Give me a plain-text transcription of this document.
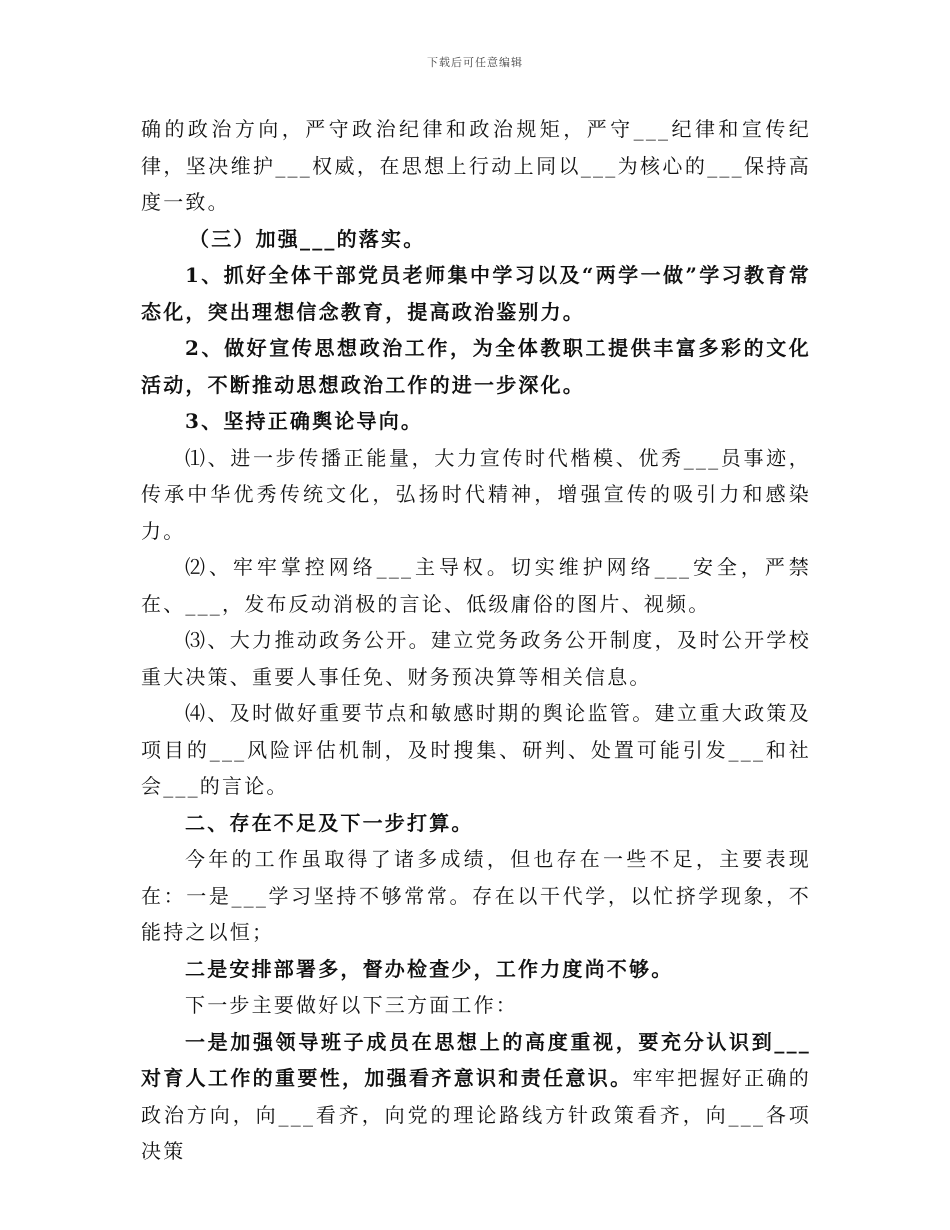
下载后可任意编辑

确的政治方向，严守政治纪律和政治规矩，严守___纪律和宣传纪律，坚决维护___权威，在思想上行动上同以___为核心的___保持高度一致。

（三）加强___的落实。

1、抓好全体干部党员老师集中学习以及“两学一做”学习教育常态化，突出理想信念教育，提高政治鉴别力。

2、做好宣传思想政治工作，为全体教职工提供丰富多彩的文化活动，不断推动思想政治工作的进一步深化。

3、坚持正确舆论导向。

⑴、进一步传播正能量，大力宣传时代楷模、优秀___员事迹，传承中华优秀传统文化，弘扬时代精神，增强宣传的吸引力和感染力。

⑵、牢牢掌控网络___主导权。切实维护网络___安全，严禁在、___，发布反动消极的言论、低级庸俗的图片、视频。

⑶、大力推动政务公开。建立党务政务公开制度，及时公开学校重大决策、重要人事任免、财务预决算等相关信息。

⑷、及时做好重要节点和敏感时期的舆论监管。建立重大政策及项目的___风险评估机制，及时搜集、研判、处置可能引发___和社会___的言论。

二、存在不足及下一步打算。

今年的工作虽取得了诸多成绩，但也存在一些不足，主要表现在：一是___学习坚持不够常常。存在以干代学，以忙挤学现象，不能持之以恒；

二是安排部署多，督办检查少，工作力度尚不够。

下一步主要做好以下三方面工作：

一是加强领导班子成员在思想上的高度重视，要充分认识到___对育人工作的重要性，加强看齐意识和责任意识。牢牢把握好正确的政治方向，向___看齐，向党的理论路线方针政策看齐，向___各项决策
